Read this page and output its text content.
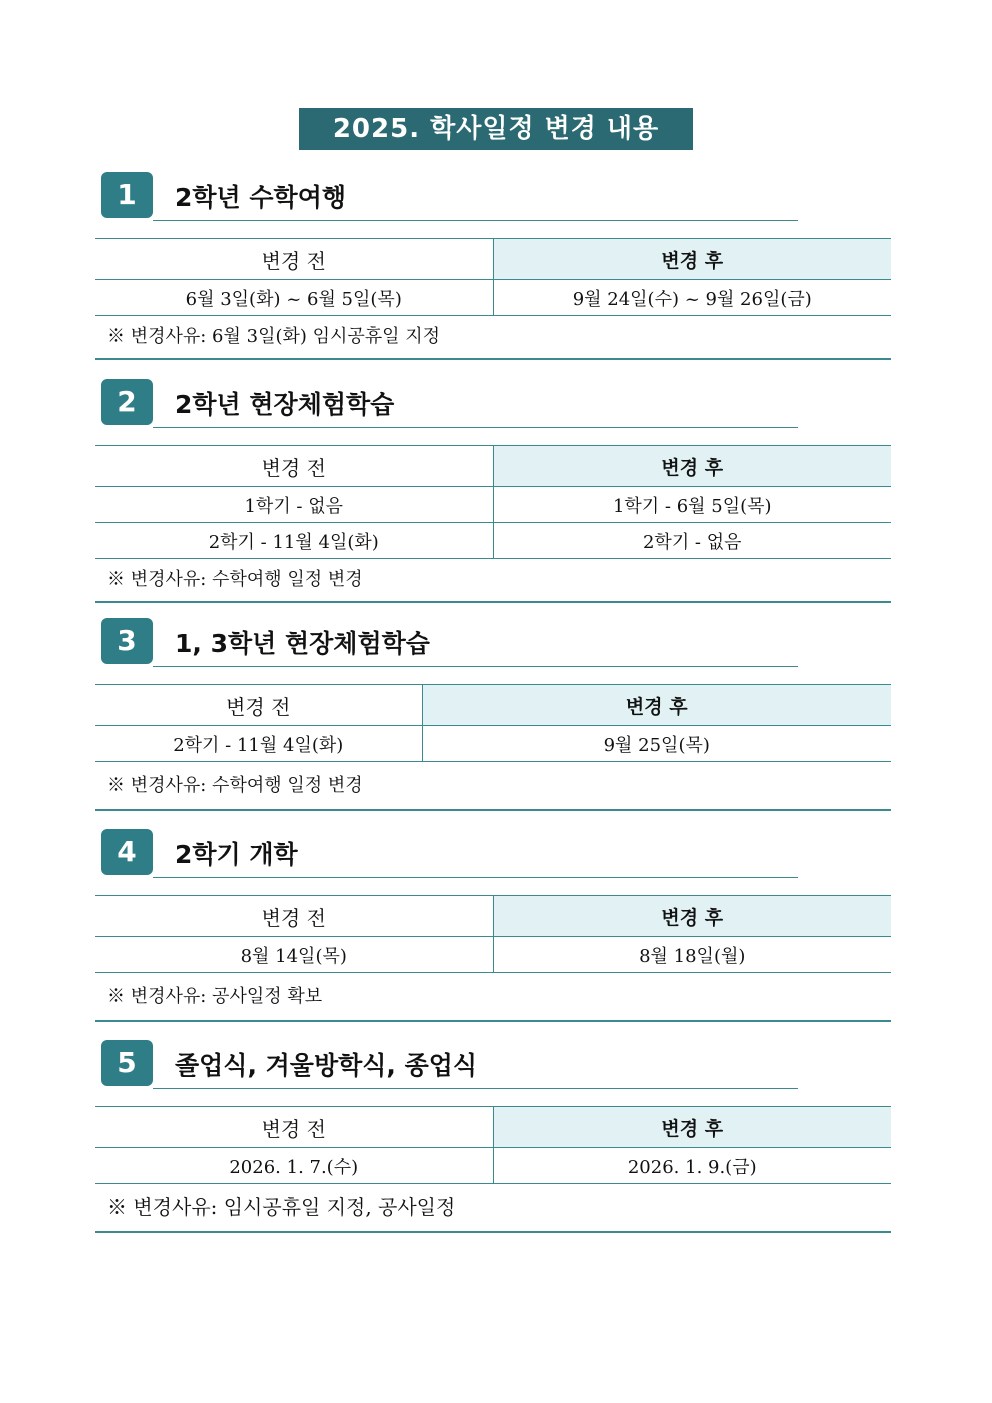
2025. 학사일정 변경 내용
1	2학년 수학여행
변경 전	변경 후
6월 3일(화) ~ 6월 5일(목)	9월 24일(수) ~ 9월 26일(금)
※ 변경사유: 6월 3일(화) 임시공휴일 지정
2	2학년 현장체험학습
변경 전	변경 후
1학기 - 없음	1학기 - 6월 5일(목)
2학기 - 11월 4일(화)	2학기 - 없음
※ 변경사유: 수학여행 일정 변경
3	1, 3학년 현장체험학습
변경 전	변경 후
2학기 - 11월 4일(화)	9월 25일(목)
※ 변경사유: 수학여행 일정 변경
4	2학기 개학
변경 전	변경 후
8월 14일(목)	8월 18일(월)
※ 변경사유: 공사일정 확보
5	졸업식, 겨울방학식, 종업식
변경 전	변경 후
2026. 1. 7.(수)	2026. 1. 9.(금)
※ 변경사유: 임시공휴일 지정, 공사일정
